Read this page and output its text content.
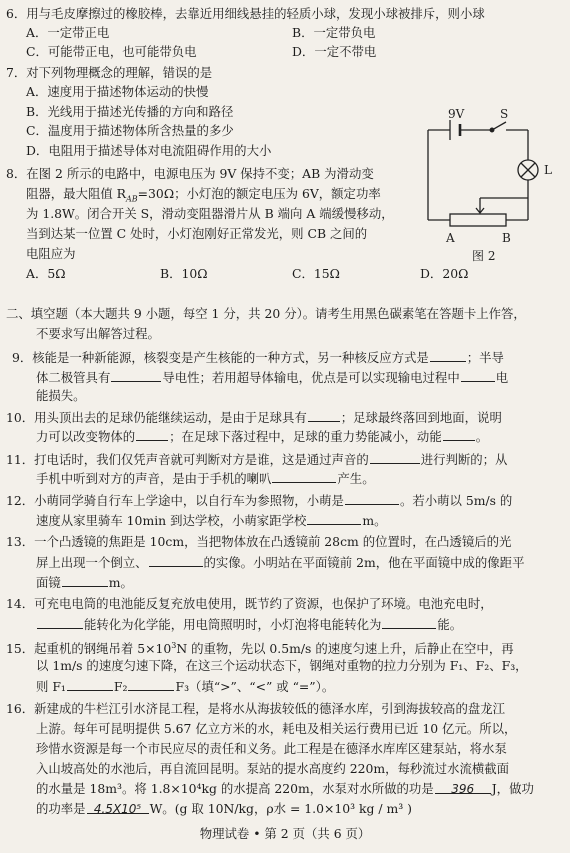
6．用与毛皮摩擦过的橡胶棒，去靠近用细线悬挂的轻质小球，发现小球被排斥，则小球
A．一定带正电	B．一定带负电
C．可能带正电，也可能带负电	D．一定不带电
7．对下列物理概念的理解，错误的是
A．速度用于描述物体运动的快慢
B．光线用于描述光传播的方向和路径
C．温度用于描述物体所含热量的多少
D．电阻用于描述导体对电流阻碍作用的大小
8．在图 2 所示的电路中，电源电压为 9V 保持不变；AB 为滑动变
阻器，最大阻值 $R_{AB}=30\Omega$；小灯泡的额定电压为 6V，额定功率
为 1.8W。闭合开关 S，滑动变阻器滑片从 B 端向 A 端缓慢移动，
当到达某一位置 C 处时，小灯泡刚好正常发光，则 CB 之间的
电阻应为
A．5Ω	B．10Ω	C．15Ω	D．20Ω
9V	S
L
A	B
图 2
二、填空题（本大题共 9 小题，每空 1 分，共 20 分）。请考生用黑色碳素笔在答题卡上作答，
不要求写出解答过程。
9．核能是一种新能源，核裂变是产生核能的一种方式，另一种核反应方式是	；半导
体二极管具有	导电性；若用超导体输电，优点是可以实现输电过程中	电
能损失。
10．用头顶出去的足球仍能继续运动，是由于足球具有	；足球最终落回到地面，说明
力可以改变物体的	；在足球下落过程中，足球的重力势能减小，动能	。
11．打电话时，我们仅凭声音就可判断对方是谁，这是通过声音的	进行判断的；从
手机中听到对方的声音，是由于手机的喇叭	产生。
12．小萌同学骑自行车上学途中，以自行车为参照物，小萌是	。若小萌以 5m/s 的
速度从家里骑车 10min 到达学校，小萌家距学校	m。
13．一个凸透镜的焦距是 10cm，当把物体放在凸透镜前 28cm 的位置时，在凸透镜后的光
屏上出现一个倒立、	的实像。小明站在平面镜前 2m，他在平面镜中成的像距平
面镜	m。
14．可充电电筒的电池能反复充放电使用，既节约了资源，也保护了环境。电池充电时，
能转化为化学能，用电筒照明时，小灯泡将电能转化为	能。
15．起重机的钢绳吊着 $5\times 10^3N$ 的重物，先以 0.5m/s 的速度匀速上升，后静止在空中，再
以 1m/s 的速度匀速下降，在这三个运动状态下，钢绳对重物的拉力分别为 F₁、F₂、F₃，
则 F₁	F₂	F₃（填“>”、“<” 或 “=”）。
16．新建成的牛栏江引水济昆工程，是将水从海拔较低的德泽水库，引到海拔较高的盘龙江
上游。每年可昆明提供 5.67 亿立方米的水，耗电及相关运行费用已近 10 亿元。所以，
珍惜水资源是每一个市民应尽的责任和义务。此工程是在德泽水库库区建泵站，将水泵
入山坡高处的水池后，再自流回昆明。泵站的提水高度约 220m，每秒流过水流横截面
的水量是 18m³。将 1.8×10⁴kg 的水提高 220m，水泵对水所做的功是 396 J，做功
的功率是 4.5X10⁵ W。(g 取 10N/kg，ρ水 = 1.0×10³ kg / m³ )
物理试卷 • 第 2 页（共 6 页）
